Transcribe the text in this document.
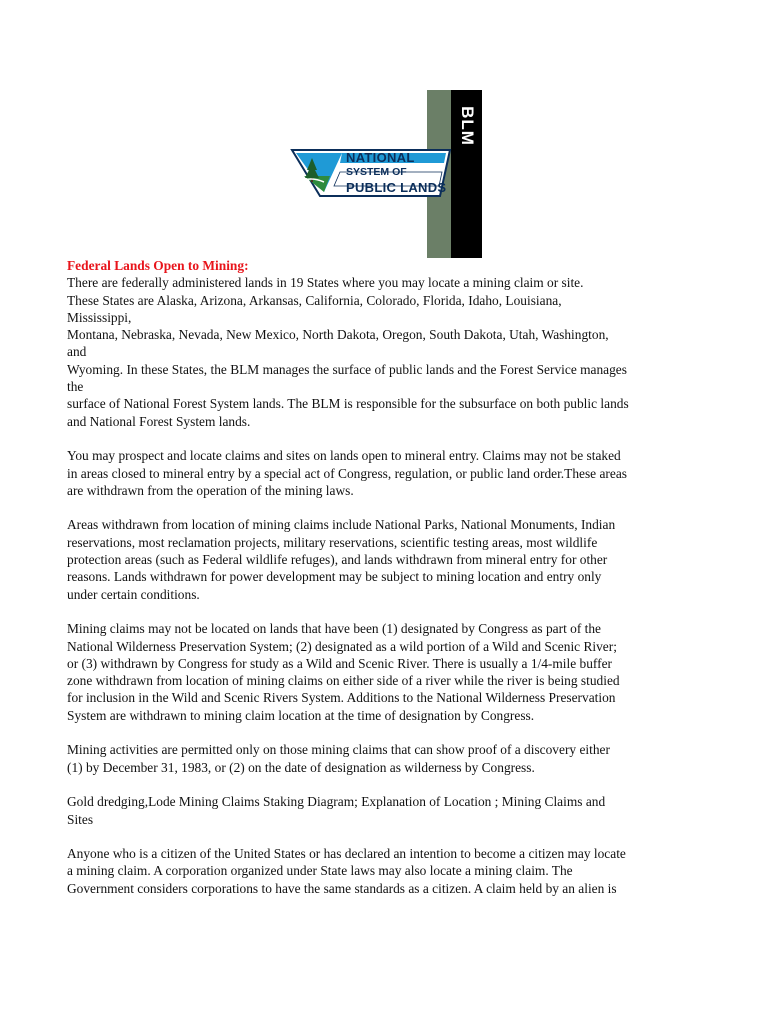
BLM
NATIONAL
SYSTEM OF
PUBLIC LANDS
Federal Lands Open to Mining:

There are federally administered lands in 19 States where you may locate a mining claim or site.
These States are Alaska, Arizona, Arkansas, California, Colorado, Florida, Idaho, Louisiana,
Mississippi,
Montana, Nebraska, Nevada, New Mexico, North Dakota, Oregon, South Dakota, Utah, Washington,
and
Wyoming. In these States, the BLM manages the surface of public lands and the Forest Service manages
the
surface of National Forest System lands. The BLM is responsible for the subsurface on both public lands
and National Forest System lands.

You may prospect and locate claims and sites on lands open to mineral entry. Claims may not be staked
in areas closed to mineral entry by a special act of Congress, regulation, or public land order.These areas
are withdrawn from the operation of the mining laws.

Areas withdrawn from location of mining claims include National Parks, National Monuments, Indian
reservations, most reclamation projects, military reservations, scientific testing areas, most wildlife
protection areas (such as Federal wildlife refuges), and lands withdrawn from mineral entry for other
reasons. Lands withdrawn for power development may be subject to mining location and entry only
under certain conditions.

Mining claims may not be located on lands that have been (1) designated by Congress as part of the
National Wilderness Preservation System; (2) designated as a wild portion of a Wild and Scenic River;
or (3) withdrawn by Congress for study as a Wild and Scenic River. There is usually a 1/4-mile buffer
zone withdrawn from location of mining claims on either side of a river while the river is being studied
for inclusion in the Wild and Scenic Rivers System. Additions to the National Wilderness Preservation
System are withdrawn to mining claim location at the time of designation by Congress.

Mining activities are permitted only on those mining claims that can show proof of a discovery either
(1) by December 31, 1983, or (2) on the date of designation as wilderness by Congress.

Gold dredging,Lode Mining Claims Staking Diagram; Explanation of Location ; Mining Claims and
Sites

Anyone who is a citizen of the United States or has declared an intention to become a citizen may locate
a mining claim. A corporation organized under State laws may also locate a mining claim. The
Government considers corporations to have the same standards as a citizen. A claim held by an alien is
